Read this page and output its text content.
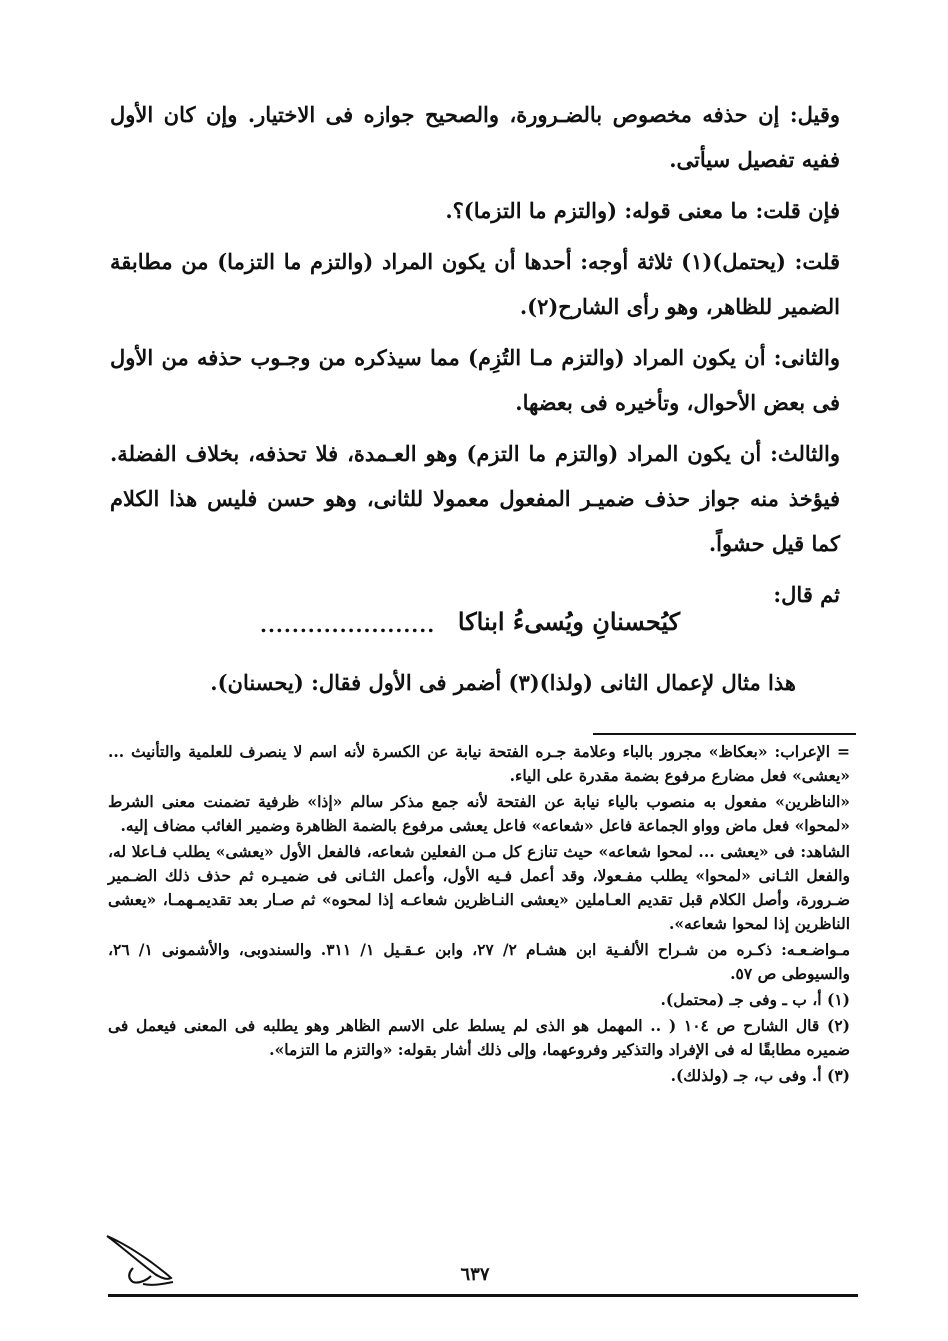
وقيل: إن حذفه مخصوص بالضـرورة، والصحيح جوازه فى الاختيار. وإن كان الأول ففيه تفصيل سيأتى.

فإن قلت: ما معنى قوله: (والتزم ما التزما)؟.

قلت: (يحتمل)(١) ثلاثة أوجه: أحدها أن يكون المراد (والتزم ما التزما) من مطابقة الضمير للظاهر، وهو رأى الشارح(٢).

والثانى: أن يكون المراد (والتزم مـا التُزِم) مما سيذكره من وجـوب حذفه من الأول فى بعض الأحوال، وتأخيره فى بعضها.

والثالث: أن يكون المراد (والتزم ما التزم) وهو العـمدة، فلا تحذفه، بخلاف الفضلة. فيؤخذ منه جواز حذف ضميـر المفعول معمولا للثانى، وهو حسن فليس هذا الكلام كما قيل حشواً.

ثم قال:

كيُحسنانِ ويُسىءُ ابناكا
......................
هذا مثال لإعمال الثانى (ولذا)(٣) أضمر فى الأول فقال: (يحسنان).

= الإعراب: «بعكاظ» مجرور بالباء وعلامة جـره الفتحة نيابة عن الكسرة لأنه اسم لا ينصرف للعلمية والتأنيث ... «يعشى» فعل مضارع مرفوع بضمة مقدرة على الياء.

«الناظرين» مفعول به منصوب بالياء نيابة عن الفتحة لأنه جمع مذكر سالم «إذا» ظرفية تضمنت معنى الشرط «لمحوا» فعل ماض وواو الجماعة فاعل «شعاعه» فاعل يعشى مرفوع بالضمة الظاهرة وضمير الغائب مضاف إليه.

الشاهد: فى «يعشى ... لمحوا شعاعه» حيث تنازع كل مـن الفعلين شعاعه، فالفعل الأول «يعشى» يطلب فـاعلا له، والفعل الثـانى «لمحوا» يطلب مفـعولا، وقد أعمل فـيه الأول، وأعمل الثـانى فى ضميـره ثم حذف ذلك الضـمير ضـرورة، وأصل الكلام قبل تقديم العـاملين «يعشى النـاظرين شعاعـه إذا لمحوه» ثم صـار بعد تقديمـهمـا، «يعشى الناظرين إذا لمحوا شعاعه».

مـواضـعـه: ذكـره من شـراح الألفـية ابن هشـام ٢/ ٢٧، وابن عـقـيل ١/ ٣١١. والسندوبى، والأشمونى ١/ ٢٦، والسيوطى ص ٥٧.

(١) أ، ب ـ وفى جـ (محتمل).

(٢) قال الشارح ص ١٠٤ ( .. المهمل هو الذى لم يسلط على الاسم الظاهر وهو يطلبه فى المعنى فيعمل فى ضميره مطابقًا له فى الإفراد والتذكير وفروعهما، وإلى ذلك أشار بقوله: «والتزم ما التزما».

(٣) أ. وفى ب، جـ (ولذلك).

٦٣٧
